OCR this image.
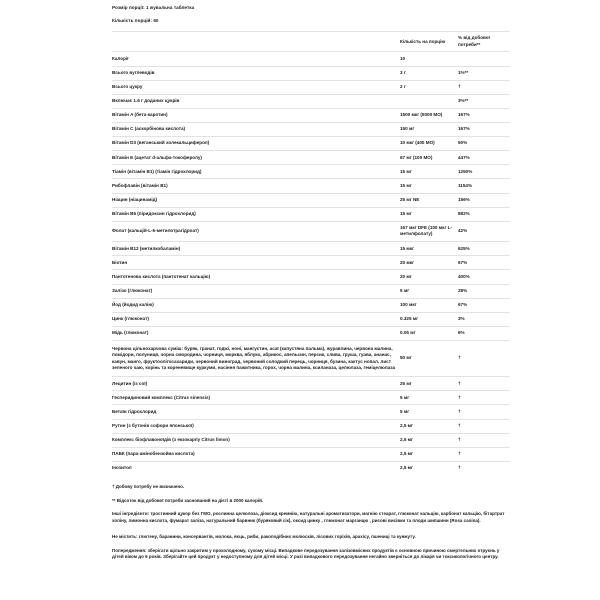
Розмір порції: 1 жувальна таблетка
Кількість порцій: 60
	Кількість на порцію	% від добової потреби**
Калорії	10	
Всього вуглеводів	3 г	1%**
Всього цукру	2 г	†
Включає 1.6 г доданих цукрів		3%**
Вітамін A (бета-каротин)	1500 мкг (5000 МО)	167%
Вітамін C (аскорбінова кислота)	150 мг	167%
Вітамін D3 (веганський холекальциферол)	10 мкг (400 МО)	50%
Вітамін E (ацетат d-альфа-токоферолу)	67 мг (100 МО)	447%
Тіамін (вітамін B1) (тіамін гідрохлорид)	15 мг	1250%
Рибофлавін (вітамін B1)	15 мг	1154%
Ніацин (ніацинамід)	25 мг NE	156%
Вітамін B6 (піридоксин гідрохлорид)	15 мг	882%
Фолат (кальцій-L-5-метилотрагідроат)	167 мкг DFE (100 мкг L-метилфолату)	42%
Вітамін B12 (метилкобаламін)	15 мкг	625%
Біотин	20 мкг	67%
Пантотенова кислота (пантотенат кальцію)	20 мг	400%
Залізо (глюконат)	5 мг	28%
Йод (йодид калію)	100 мкг	67%
Цинк (глюконат)	0.325 мг	3%
Мідь (глюконат)	0.05 мг	6%
Червона цільнохарчова суміш: буряк, гранат, годжі, нонi, мангустин, асаї (капустяна пальма), журавлина, червона малина, помідори, полуниця, чорна смородина, чорниця, морква, яблуко, абрикос, апельсин, персик, слива, груша, гуава, ананас, кавун, манго, фруктоолігосахариди, червоний виноград, червоний солодкий перець, чорниця, бузина, кактус нопал, лист зеленого чаю, корінь та кореневище куркуми, насіння пажитника, горох, чорна малина, ксиланаза, целюлаза, геміцелюлаза	50 мг	†
Лецитин (із сої)	25 мг	†
Гесперидиновий комплекс (Citrus sinensis)	5 мг	†
Бетаїн гідрохлорид	5 мг	†
Рутин (з бутонів софори японської)	2,5 мг	†
Комплекс біофлавоноїдів (з екзокарпу Citrus limon)	2,5 мг	†
ПАБК (пара-амінобензойна кислота)	2,5 мг	†
Інозитол	2,5 мг	†
† Добову потребу не визначено.
** Відсоток від добової потреби заснований на дієті в 2000 калорій.
Інші інгредієнти: тростинний цукор без ГМО, рослинна целюлоза, діоксид кремнію, натуральні ароматизатори, магнію стеарат, глюконат кальцію, карбонат кальцію, бітартрат холіну, лимонна кислота, фумарат заліза, натуральний барвник (буряковий сік), оксид цинку , глюконат марганцю , рисові висівки та плоди шипшини (Rosa canina).
Не містить: глютену, баранини, консервантів, молока, яєць, риби, ракоподібних молюсків, лісових горіхів, арахісу, пшениці та кунжуту.
Попередження: зберігати щільно закритим у прохолодному, сухому місці. Випадкове передозування залізовмісних продуктів є основною причиною смертельних отруєнь у дітей віком до 6 років. Зберігайте цей продукт у недоступному для дітей місці. У разі випадкового передозування негайно зверніться до лікаря чи токсикологічного центру.
